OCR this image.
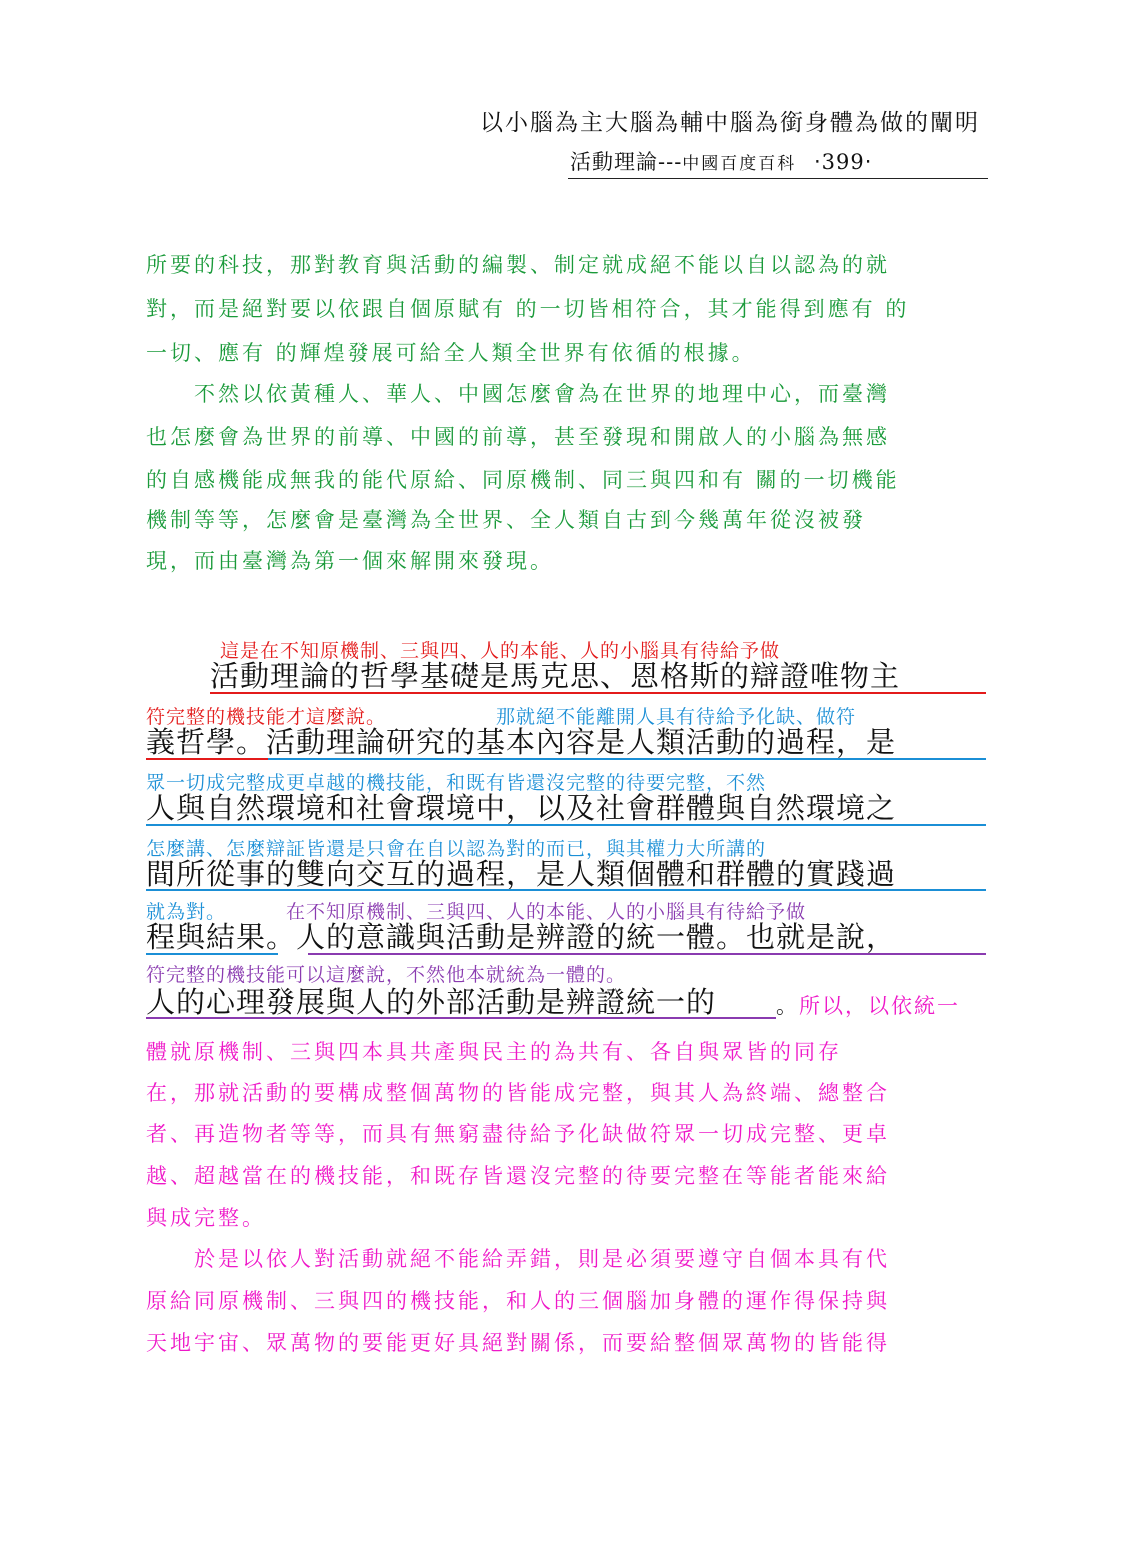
以小腦為主大腦為輔中腦為銜身體為做的闡明
活動理論---中國百度百科 ‧399‧
所要的科技，那對教育與活動的編製、制定就成絕不能以自以認為的就
對，而是絕對要以依跟自個原賦有 的一切皆相符合，其才能得到應有 的
一切、應有 的輝煌發展可給全人類全世界有依循的根據。
不然以依黃種人、華人、中國怎麼會為在世界的地理中心，而臺灣
也怎麼會為世界的前導、中國的前導，甚至發現和開啟人的小腦為無感
的自感機能成無我的能代原給、同原機制、同三與四和有 關的一切機能
機制等等，怎麼會是臺灣為全世界、全人類自古到今幾萬年從沒被發
現，而由臺灣為第一個來解開來發現。
這是在不知原機制、三與四、人的本能、人的小腦具有待給予做
活動理論的哲學基礎是馬克思、恩格斯的辯證唯物主
符完整的機技能才這麼說。	那就絕不能離開人具有待給予化缺、做符
義哲學。活動理論研究的基本內容是人類活動的過程，是
眾一切成完整成更卓越的機技能，和既有皆還沒完整的待要完整，不然
人與自然環境和社會環境中，以及社會群體與自然環境之
怎麼講、怎麼辯証皆還是只會在自以認為對的而已，與其權力大所講的
間所從事的雙向交互的過程，是人類個體和群體的實踐過
就為對。	在不知原機制、三與四、人的本能、人的小腦具有待給予做
程與結果。人的意識與活動是辨證的統一體。也就是說，
符完整的機技能可以這麼說，不然他本就統為一體的。
人的心理發展與人的外部活動是辨證統一的	。所以，以依統一
體就原機制、三與四本具共產與民主的為共有、各自與眾皆的同存
在，那就活動的要構成整個萬物的皆能成完整，與其人為終端、總整合
者、再造物者等等，而具有無窮盡待給予化缺做符眾一切成完整、更卓
越、超越當在的機技能，和既存皆還沒完整的待要完整在等能者能來給
與成完整。
於是以依人對活動就絕不能給弄錯，則是必須要遵守自個本具有代
原給同原機制、三與四的機技能，和人的三個腦加身體的運作得保持與
天地宇宙、眾萬物的要能更好具絕對關係，而要給整個眾萬物的皆能得
